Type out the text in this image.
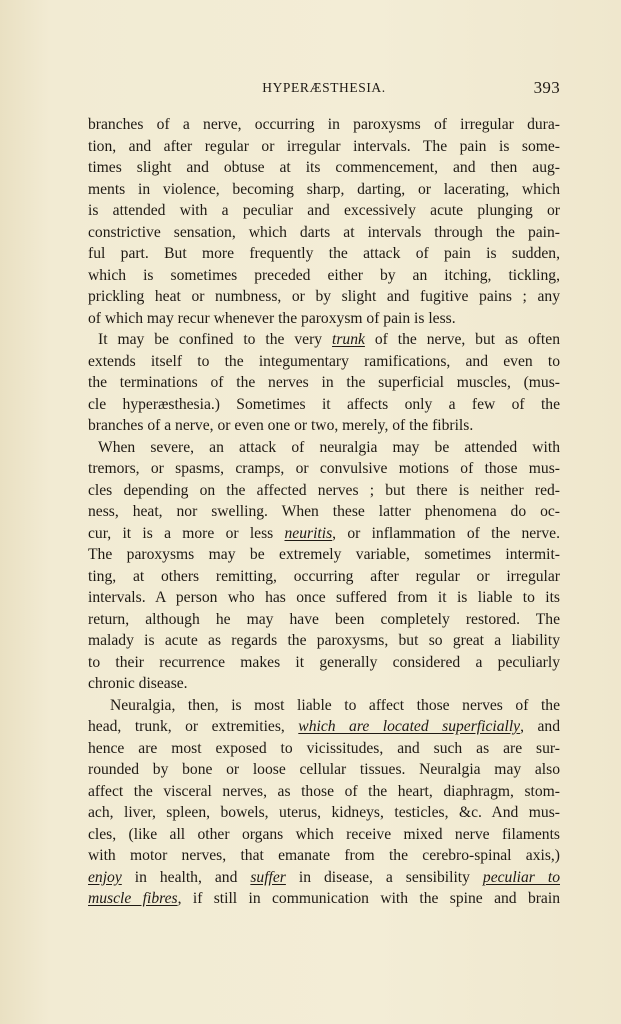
HYPERÆSTHESIA.	393
branches of a nerve, occurring in paroxysms of irregular dura-
tion, and after regular or irregular intervals. The pain is some-
times slight and obtuse at its commencement, and then aug-
ments in violence, becoming sharp, darting, or lacerating, which
is attended with a peculiar and excessively acute plunging or
constrictive sensation, which darts at intervals through the pain-
ful part. But more frequently the attack of pain is sudden,
which is sometimes preceded either by an itching, tickling,
prickling heat or numbness, or by slight and fugitive pains ; any
of which may recur whenever the paroxysm of pain is less.
It may be confined to the very trunk of the nerve, but as often
extends itself to the integumentary ramifications, and even to
the terminations of the nerves in the superficial muscles, (mus-
cle hyperæsthesia.) Sometimes it affects only a few of the
branches of a nerve, or even one or two, merely, of the fibrils.
When severe, an attack of neuralgia may be attended with
tremors, or spasms, cramps, or convulsive motions of those mus-
cles depending on the affected nerves ; but there is neither red-
ness, heat, nor swelling. When these latter phenomena do oc-
cur, it is a more or less neuritis, or inflammation of the nerve.
The paroxysms may be extremely variable, sometimes intermit-
ting, at others remitting, occurring after regular or irregular
intervals. A person who has once suffered from it is liable to its
return, although he may have been completely restored. The
malady is acute as regards the paroxysms, but so great a liability
to their recurrence makes it generally considered a peculiarly
chronic disease.
Neuralgia, then, is most liable to affect those nerves of the
head, trunk, or extremities, which are located superficially, and
hence are most exposed to vicissitudes, and such as are sur-
rounded by bone or loose cellular tissues. Neuralgia may also
affect the visceral nerves, as those of the heart, diaphragm, stom-
ach, liver, spleen, bowels, uterus, kidneys, testicles, &c. And mus-
cles, (like all other organs which receive mixed nerve filaments
with motor nerves, that emanate from the cerebro-spinal axis,)
enjoy in health, and suffer in disease, a sensibility peculiar to
muscle fibres, if still in communication with the spine and brain
